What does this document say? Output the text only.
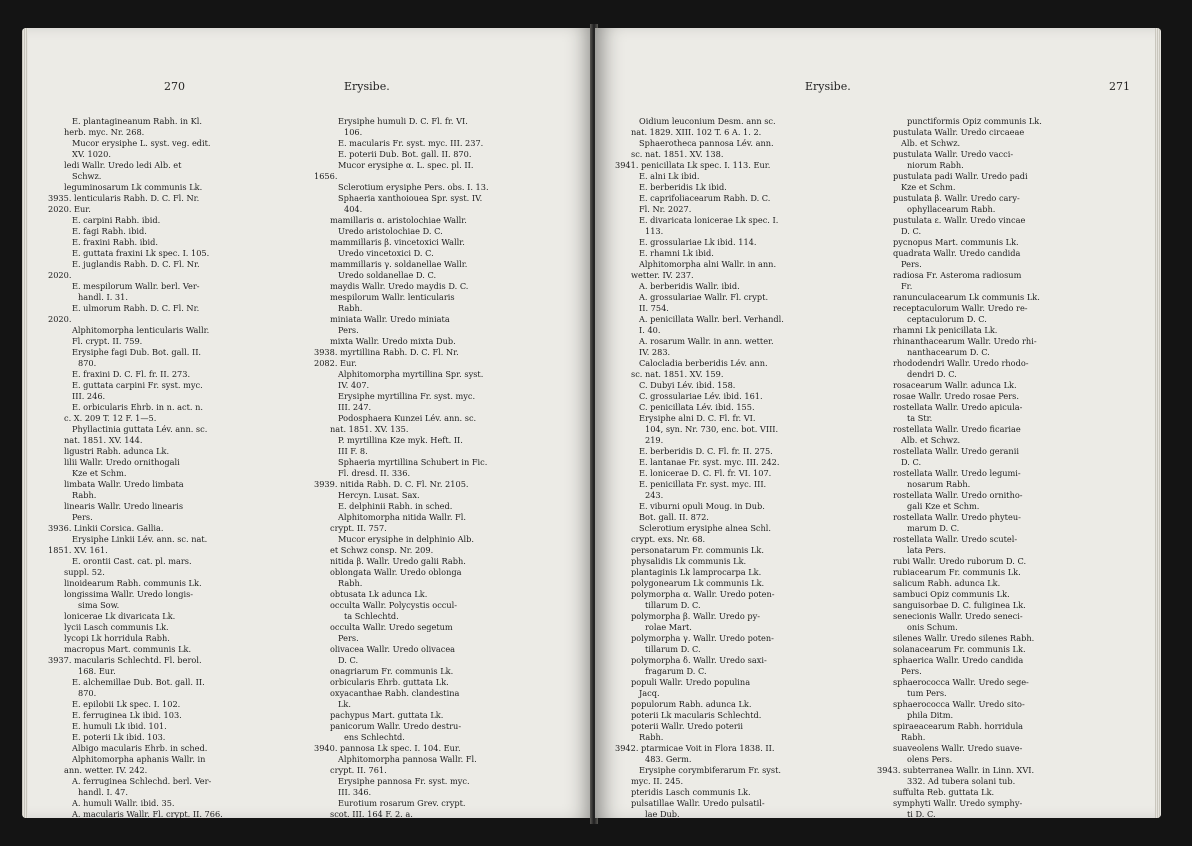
270	Erysibe.
E. plantagineanum Rabh. in Kl.
herb. myc. Nr. 268.
Mucor erysiphe L. syst. veg. edit.
XV. 1020.
ledi Wallr. Uredo ledi Alb. et
Schwz.
leguminosarum Lk communis Lk.
3935. lenticularis Rabh. D. C. Fl. Nr.
2020. Eur.
E. carpini Rabh. ibid.
E. fagi Rabh. ibid.
E. fraxini Rabh. ibid.
E. guttata fraxini Lk spec. I. 105.
E. juglandis Rabh. D. C. Fl. Nr.
2020.
E. mespilorum Wallr. berl. Ver-
handl. I. 31.
E. ulmorum Rabh. D. C. Fl. Nr.
2020.
Alphitomorpha lenticularis Wallr.
Fl. crypt. II. 759.
Erysiphe fagi Dub. Bot. gall. II.
870.
E. fraxini D. C. Fl. fr. II. 273.
E. guttata carpini Fr. syst. myc.
III. 246.
E. orbicularis Ehrb. in n. act. n.
c. X. 209 T. 12 F. 1—5.
Phyllactinia guttata Lév. ann. sc.
nat. 1851. XV. 144.
ligustri Rabh. adunca Lk.
lilii Wallr. Uredo ornithogali
Kze et Schm.
limbata Wallr. Uredo limbata
Rabh.
linearis Wallr. Uredo linearis
Pers.
3936. Linkii Corsica. Gallia.
Erysiphe Linkii Lév. ann. sc. nat.
1851. XV. 161.
E. orontii Cast. cat. pl. mars.
suppl. 52.
linoidearum Rabh. communis Lk.
longissima Wallr. Uredo longis-
sima Sow.
lonicerae Lk divaricata Lk.
lycii Lasch communis Lk.
lycopi Lk horridula Rabh.
macropus Mart. communis Lk.
3937. macularis Schlechtd. Fl. berol.
168. Eur.
E. alchemillae Dub. Bot. gall. II.
870.
E. epilobii Lk spec. I. 102.
E. ferruginea Lk ibid. 103.
E. humuli Lk ibid. 101.
E. poterii Lk ibid. 103.
Albigo macularis Ehrb. in sched.
Alphitomorpha aphanis Wallr. in
ann. wetter. IV. 242.
A. ferruginea Schlechd. berl. Ver-
handl. I. 47.
A. humuli Wallr. ibid. 35.
A. macularis Wallr. Fl. crypt. II. 766.
Erysiphe humuli D. C. Fl. fr. VI.
106.
E. macularis Fr. syst. myc. III. 237.
E. poterii Dub. Bot. gall. II. 870.
Mucor erysiphe α. L. spec. pl. II.
1656.
Sclerotium erysiphe Pers. obs. I. 13.
Sphaeria xanthoiouea Spr. syst. IV.
404.
mamillaris α. aristolochiae Wallr.
Uredo aristolochiae D. C.
mammillaris β. vincetoxici Wallr.
Uredo vincetoxici D. C.
mammillaris γ. soldanellae Wallr.
Uredo soldanellae D. C.
maydis Wallr. Uredo maydis D. C.
mespilorum Wallr. lenticularis
Rabh.
miniata Wallr. Uredo miniata
Pers.
mixta Wallr. Uredo mixta Dub.
3938. myrtillina Rabh. D. C. Fl. Nr.
2082. Eur.
Alphitomorpha myrtillina Spr. syst.
IV. 407.
Erysiphe myrtillina Fr. syst. myc.
III. 247.
Podosphaera Kunzei Lév. ann. sc.
nat. 1851. XV. 135.
P. myrtillina Kze myk. Heft. II.
III F. 8.
Sphaeria myrtillina Schubert in Fic.
Fl. dresd. II. 336.
3939. nitida Rabh. D. C. Fl. Nr. 2105.
Hercyn. Lusat. Sax.
E. delphinii Rabh. in sched.
Alphitomorpha nitida Wallr. Fl.
crypt. II. 757.
Mucor erysiphe in delphinio Alb.
et Schwz consp. Nr. 209.
nitida β. Wallr. Uredo galii Rabh.
oblongata Wallr. Uredo oblonga
Rabh.
obtusata Lk adunca Lk.
occulta Wallr. Polycystis occul-
ta Schlechtd.
occulta Wallr. Uredo segetum
Pers.
olivacea Wallr. Uredo olivacea
D. C.
onagriarum Fr. communis Lk.
orbicularis Ehrb. guttata Lk.
oxyacanthae Rabh. clandestina
Lk.
pachypus Mart. guttata Lk.
panicorum Wallr. Uredo destru-
ens Schlechtd.
3940. pannosa Lk spec. I. 104. Eur.
Alphitomorpha pannosa Wallr. Fl.
crypt. II. 761.
Erysiphe pannosa Fr. syst. myc.
III. 346.
Eurotium rosarum Grev. crypt.
scot. III. 164 F. 2. a.
Erysibe.	271
Oidium leuconium Desm. ann sc.
nat. 1829. XIII. 102 T. 6 A. 1. 2.
Sphaerotheca pannosa Lév. ann.
sc. nat. 1851. XV. 138.
3941. penicillata Lk spec. I. 113. Eur.
E. alni Lk ibid.
E. berberidis Lk ibid.
E. caprifoliacearum Rabh. D. C.
Fl. Nr. 2027.
E. divaricata lonicerae Lk spec. I.
113.
E. grossulariae Lk ibid. 114.
E. rhamni Lk ibid.
Alphitomorpha alni Wallr. in ann.
wetter. IV. 237.
A. berberidis Wallr. ibid.
A. grossulariae Wallr. Fl. crypt.
II. 754.
A. penicillata Wallr. berl. Verhandl.
I. 40.
A. rosarum Wallr. in ann. wetter.
IV. 283.
Calocladia berberidis Lév. ann.
sc. nat. 1851. XV. 159.
C. Dubyi Lév. ibid. 158.
C. grossulariae Lév. ibid. 161.
C. penicillata Lév. ibid. 155.
Erysiphe alni D. C. Fl. fr. VI.
104, syn. Nr. 730, enc. bot. VIII.
219.
E. berberidis D. C. Fl. fr. II. 275.
E. lantanae Fr. syst. myc. III. 242.
E. lonicerae D. C. Fl. fr. VI. 107.
E. penicillata Fr. syst. myc. III.
243.
E. viburni opuli Moug. in Dub.
Bot. gall. II. 872.
Sclerotium erysiphe alnea Schl.
crypt. exs. Nr. 68.
personatarum Fr. communis Lk.
physalidis Lk communis Lk.
plantaginis Lk lamprocarpa Lk.
polygonearum Lk communis Lk.
polymorpha α. Wallr. Uredo poten-
tillarum D. C.
polymorpha β. Wallr. Uredo py-
rolae Mart.
polymorpha γ. Wallr. Uredo poten-
tillarum D. C.
polymorpha δ. Wallr. Uredo saxi-
fragarum D. C.
populi Wallr. Uredo populina
Jacq.
populorum Rabh. adunca Lk.
poterii Lk macularis Schlechtd.
poterii Wallr. Uredo poterii
Rabh.
3942. ptarmicae Voit in Flora 1838. II.
483. Germ.
Erysiphe corymbiferarum Fr. syst.
myc. II. 245.
pteridis Lasch communis Lk.
pulsatillae Wallr. Uredo pulsatil-
lae Dub.
punctiformis Opiz communis Lk.
pustulata Wallr. Uredo circaeae
Alb. et Schwz.
pustulata Wallr. Uredo vacci-
niorum Rabh.
pustulata padi Wallr. Uredo padi
Kze et Schm.
pustulata β. Wallr. Uredo cary-
ophyllacearum Rabh.
pustulata ε. Wallr. Uredo vincae
D. C.
pycnopus Mart. communis Lk.
quadrata Wallr. Uredo candida
Pers.
radiosa Fr. Asteroma radiosum
Fr.
ranunculacearum Lk communis Lk.
receptaculorum Wallr. Uredo re-
ceptaculorum D. C.
rhamni Lk penicillata Lk.
rhinanthacearum Wallr. Uredo rhi-
nanthacearum D. C.
rhododendri Wallr. Uredo rhodo-
dendri D. C.
rosacearum Wallr. adunca Lk.
rosae Wallr. Uredo rosae Pers.
rostellata Wallr. Uredo apicula-
ta Str.
rostellata Wallr. Uredo ficariae
Alb. et Schwz.
rostellata Wallr. Uredo geranii
D. C.
rostellata Wallr. Uredo legumi-
nosarum Rabh.
rostellata Wallr. Uredo ornitho-
gali Kze et Schm.
rostellata Wallr. Uredo phyteu-
marum D. C.
rostellata Wallr. Uredo scutel-
lata Pers.
rubi Wallr. Uredo ruborum D. C.
rubiacearum Fr. communis Lk.
salicum Rabh. adunca Lk.
sambuci Opiz communis Lk.
sanguisorbae D. C. fuliginea Lk.
senecionis Wallr. Uredo seneci-
onis Schum.
silenes Wallr. Uredo silenes Rabh.
solanacearum Fr. communis Lk.
sphaerica Wallr. Uredo candida
Pers.
sphaerococca Wallr. Uredo sege-
tum Pers.
sphaerococca Wallr. Uredo sito-
phila Ditm.
spiraeacearum Rabh. horridula
Rabh.
suaveolens Wallr. Uredo suave-
olens Pers.
3943. subterranea Wallr. in Linn. XVI.
332. Ad tubera solani tub.
suffulta Reb. guttata Lk.
symphyti Wallr. Uredo symphy-
ti D. C.
